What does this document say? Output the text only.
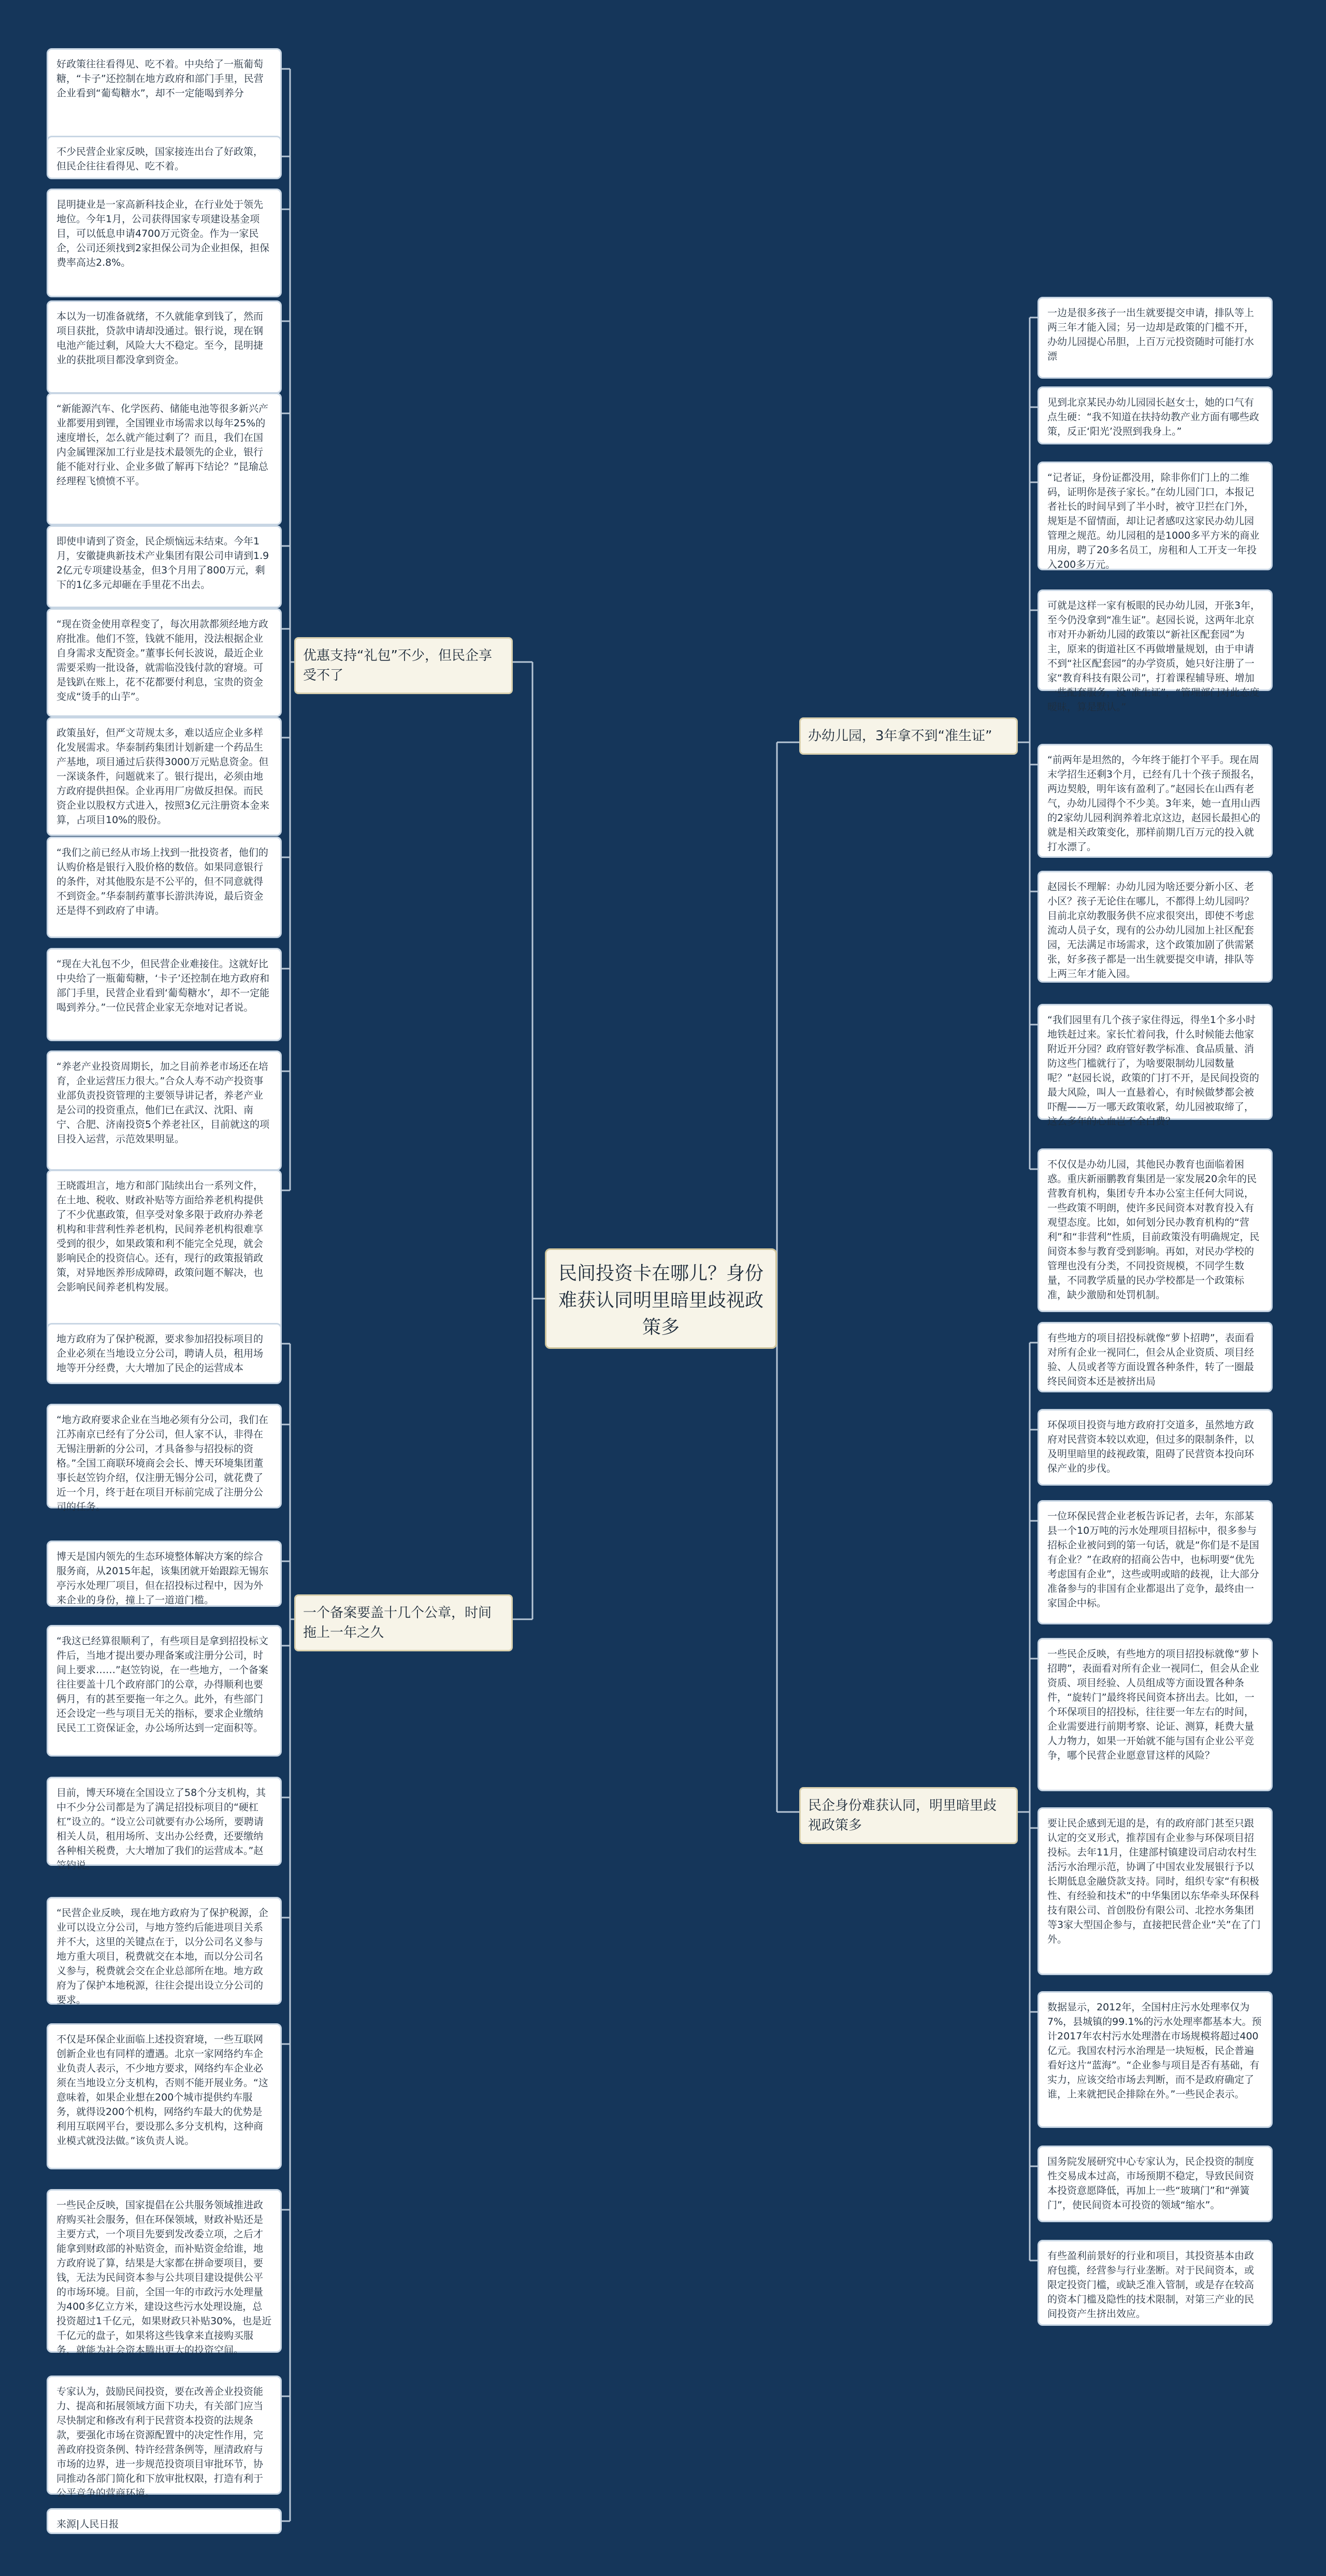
民间投资卡在哪儿？身份难获认同明里暗里歧视政策多
优惠支持“礼包”不少，但民企享受不了
好政策往往看得见、吃不着。中央给了一瓶葡萄糖，“卡子”还控制在地方政府和部门手里，民营企业看到“葡萄糖水”，却不一定能喝到养分
不少民营企业家反映，国家接连出台了好政策，但民企往往看得见、吃不着。
昆明捷业是一家高新科技企业，在行业处于领先地位。今年1月，公司获得国家专项建设基金项目，可以低息申请4700万元资金。作为一家民企，公司还须找到2家担保公司为企业担保，担保费率高达2.8%。
本以为一切准备就绪，不久就能拿到钱了，然而项目获批，贷款申请却没通过。银行说，现在钢电池产能过剩，风险大大不稳定。至今，昆明捷业的获批项目都没拿到资金。
“新能源汽车、化学医药、储能电池等很多新兴产业都要用到锂，全国锂业市场需求以每年25%的速度增长，怎么就产能过剩了？而且，我们在国内金属锂深加工行业是技术最领先的企业，银行能不能对行业、企业多做了解再下结论？”昆瑜总经理程飞愤愤不平。
即使申请到了资金，民企烦恼远未结束。今年1月，安徽捷典新技术产业集团有限公司申请到1.92亿元专项建设基金，但3个月用了800万元，剩下的1亿多元却砸在手里花不出去。
“现在资金使用章程变了，每次用款都须经地方政府批准。他们不签，钱就不能用，没法根据企业自身需求支配资金。”董事长何长波说，最近企业需要采购一批设备，就需临没钱付款的窘境。可是钱趴在账上，花不花都要付利息，宝贵的资金变成“烫手的山芋”。
政策虽好，但严文苛规太多，难以适应企业多样化发展需求。华泰制药集团计划新建一个药品生产基地，项目通过后获得3000万元贴息资金。但一深谈条件，问题就来了。银行提出，必须由地方政府提供担保。企业再用厂房做反担保。而民资企业以股权方式进入，按照3亿元注册资本金来算，占项目10%的股份。
“我们之前已经从市场上找到一批投资者，他们的认购价格是银行入股价格的数倍。如果同意银行的条件，对其他股东是不公平的，但不同意就得不到资金。”华泰制药董事长游洪涛说，最后资金还是得不到政府了申请。
“现在大礼包不少，但民营企业难接住。这就好比中央给了一瓶葡萄糖，‘卡子’还控制在地方政府和部门手里，民营企业看到‘葡萄糖水’，却不一定能喝到养分。”一位民营企业家无奈地对记者说。
“养老产业投资周期长，加之目前养老市场还在培育，企业运营压力很大。”合众人寿不动产投资事业部负责投资管理的主要领导讲记者，养老产业是公司的投资重点，他们已在武汉、沈阳、南宁、合肥、济南投资5个养老社区，目前就这的项目投入运营，示范效果明显。
王晓霞坦言，地方和部门陆续出台一系列文件，在土地、税收、财政补贴等方面给养老机构提供了不少优惠政策，但享受对象多限于政府办养老机构和非营利性养老机构，民间养老机构很难享受到的很少，如果政策和利不能完全兑现，就会影响民企的投资信心。还有，现行的政策报销政策，对异地医养形成障碍，政策问题不解决，也会影响民间养老机构发展。
一个备案要盖十几个公章，时间拖上一年之久
地方政府为了保护税源，要求参加招投标项目的企业必须在当地设立分公司，聘请人员，租用场地等开分经费，大大增加了民企的运营成本
“地方政府要求企业在当地必须有分公司，我们在江苏南京已经有了分公司，但人家不认，非得在无锡注册新的分公司，才具备参与招投标的资格。”全国工商联环境商会会长、博天环境集团董事长赵笠钧介绍，仅注册无锡分公司，就花费了近一个月，终于赶在项目开标前完成了注册分公司的任务。
博天是国内领先的生态环境整体解决方案的综合服务商，从2015年起，该集团就开始跟踪无锡东亭污水处理厂项目，但在招投标过程中，因为外来企业的身份，撞上了一道道门槛。
“我这已经算很顺利了，有些项目是拿到招投标文件后，当地才提出要办理备案或注册分公司，时间上要求……”赵笠钧说，在一些地方，一个备案往往要盖十几个政府部门的公章，办得顺利也要俩月，有的甚至要拖一年之久。此外，有些部门还会设定一些与项目无关的指标，要求企业缴纳民民工工资保证金，办公场所达到一定面积等。
目前，博天环境在全国设立了58个分支机构，其中不少分公司都是为了满足招投标项目的“硬杠杠”设立的。“设立公司就要有办公场所，要聘请相关人员，租用场所、支出办公经费，还要缴纳各种相关税费，大大增加了我们的运营成本。”赵笠钧说。
“民营企业反映，现在地方政府为了保护税源，企业可以设立分公司，与地方签约后能进项目关系并不大，这里的关键点在于，以分公司名义参与地方重大项目，税费就交在本地，而以分公司名义参与，税费就会交在企业总部所在地。地方政府为了保护本地税源，往往会提出设立分公司的要求。
不仅是环保企业面临上述投资窘境，一些互联网创新企业也有同样的遭遇。北京一家网络约车企业负责人表示，不少地方要求，网络约车企业必须在当地设立分支机构，否则不能开展业务。“这意味着，如果企业想在200个城市提供约车服务，就得设200个机构，网络约车最大的优势是利用互联网平台，要设那么多分支机构，这种商业模式就没法做。”该负责人说。
一些民企反映，国家提倡在公共服务领域推进政府购买社会服务，但在环保领域，财政补贴还是主要方式，一个项目先要到发改委立项，之后才能拿到财政部的补贴资金，而补贴资金给谁，地方政府说了算，结果是大家都在拼命要项目，要钱，无法为民间资本参与公共项目建设提供公平的市场环境。目前，全国一年的市政污水处理量为400多亿立方米，建设这些污水处理设施，总投资超过1千亿元，如果财政只补贴30%，也是近千亿元的盘子，如果将这些钱拿来直接购买服务，就能为社会资本腾出更大的投资空间。
专家认为，鼓励民间投资，要在改善企业投资能力、提高和拓展领域方面下功夫，有关部门应当尽快制定和修改有利于民营资本投资的法规条款，要强化市场在资源配置中的决定性作用，完善政府投资条例、特许经营条例等，厘清政府与市场的边界，进一步规范投资项目审批环节，协同推动各部门简化和下放审批权限，打造有利于公平竞争的营商环境。
来源|人民日报
办幼儿园，3年拿不到“准生证”
一边是很多孩子一出生就要提交申请，排队等上两三年才能入园；另一边却是政策的门槛不开，办幼儿园提心吊胆，上百万元投资随时可能打水漂
见到北京某民办幼儿园园长赵女士，她的口气有点生硬：“我不知道在扶持幼教产业方面有哪些政策，反正‘阳光’没照到我身上。”
“记者证，身份证都没用，除非你们门上的二维码，证明你是孩子家长。”在幼儿园门口，本报记者社长的时间早到了半小时，被守卫拦在门外，规矩是不留情面，却让记者感叹这家民办幼儿园管理之规范。幼儿园租的是1000多平方米的商业用房，聘了20多名员工，房租和人工开支一年投入200多万元。
可就是这样一家有板眼的民办幼儿园，开张3年，至今仍没拿到“准生证”。赵园长说，这两年北京市对开办新幼儿园的政策以“新社区配套园”为主，原来的街道社区不再做增量规划，由于申请不到“社区配套园”的办学资质，她只好注册了一家“教育科技有限公司”，打着课程辅导班、增加一些配套服务，没“准生证”，“管理部门对此态度暧昧，算是默认。”
“前两年是坦然的，今年终于能打个平手。现在周末学招生还剩3个月，已经有几十个孩子预报名，两边契般，明年该有盈利了。”赵园长在山西有老气，办幼儿园得个不少美。3年来，她一直用山西的2家幼儿园利润养着北京这边，赵园长最担心的就是相关政策变化，那样前期几百万元的投入就打水漂了。
赵园长不理解：办幼儿园为啥还要分新小区、老小区？孩子无论住在哪儿，不都得上幼儿园吗？目前北京幼教服务供不应求很突出，即使不考虑流动人员子女，现有的公办幼儿园加上社区配套园，无法满足市场需求，这个政策加剧了供需紧张，好多孩子都是一出生就要提交申请，排队等上两三年才能入园。
“我们园里有几个孩子家住得远，得坐1个多小时地铁赶过来。家长忙着问我，什么时候能去他家附近开分园？政府管好教学标准、食品质量、消防这些门槛就行了，为啥要限制幼儿园数量呢？”赵园长说，政策的门打不开，是民间投资的最大风险，叫人一直悬着心，有时候做梦都会被吓醒——万一哪天政策收紧，幼儿园被取缔了，这么多年的心血岂不全白费？
不仅仅是办幼儿园，其他民办教育也面临着困惑。重庆新丽鹏教育集团是一家发展20余年的民营教育机构，集团专升本办公室主任何大同说，一些政策不明朗，使许多民间资本对教育投入有观望态度。比如，如何划分民办教育机构的“营利”和“非营利”性质，目前政策没有明确规定，民间资本参与教育受到影响。再如，对民办学校的管理也没有分类，不同投资规模，不同学生数量，不同教学质量的民办学校都是一个政策标准，缺少激励和处罚机制。
民企身份难获认同，明里暗里歧视政策多
有些地方的项目招投标就像“萝卜招聘”，表面看对所有企业一视同仁，但会从企业资质、项目经验、人员或者等方面设置各种条件，转了一圈最终民间资本还是被挤出局
环保项目投资与地方政府打交道多，虽然地方政府对民营资本较以欢迎，但过多的限制条件，以及明里暗里的歧视政策，阻碍了民营资本投向环保产业的步伐。
一位环保民营企业老板告诉记者，去年，东部某县一个10万吨的污水处理项目招标中，很多参与招标企业被问到的第一句话，就是“你们是不是国有企业？”在政府的招商公告中，也标明要“优先考虑国有企业”，这些或明或暗的歧视，让大部分准备参与的非国有企业都退出了竞争，最终由一家国企中标。
一些民企反映，有些地方的项目招投标就像“萝卜招聘”，表面看对所有企业一视同仁，但会从企业资质、项目经验、人员组成等方面设置各种条件，“旋转门”最终将民间资本挤出去。比如，一个环保项目的招投标，往往要一年左右的时间，企业需要进行前期考察、论证、测算，耗费大量人力物力，如果一开始就不能与国有企业公平竞争，哪个民营企业愿意冒这样的风险？
要让民企感到无退的是，有的政府部门甚至只跟认定的交叉形式，推荐国有企业参与环保项目招投标。去年11月，住建部村镇建设司启动农村生活污水治理示范，协调了中国农业发展银行予以长期低息金融贷款支持。同时，组织专家“有积极性、有经验和技术”的中华集团以东华牵头环保科技有限公司、首创股份有限公司、北控水务集团等3家大型国企参与，直接把民营企业“关”在了门外。
数据显示，2012年，全国村庄污水处理率仅为7%，县城镇的99.1%的污水处理率都基本大。预计2017年农村污水处理潜在市场规模将超过400亿元。我国农村污水治理是一块短板，民企普遍看好这片“蓝海”。“企业参与项目是否有基础，有实力，应该交给市场去判断，而不是政府确定了谁，上来就把民企排除在外。”一些民企表示。
国务院发展研究中心专家认为，民企投资的制度性交易成本过高，市场预期不稳定，导致民间资本投资意愿降低，再加上一些“玻璃门”和“弹簧门”，使民间资本可投资的领域“缩水”。
有些盈利前景好的行业和项目，其投资基本由政府包揽，经营参与行业垄断。对于民间资本，或限定投资门槛，或缺乏准入管制，或是存在较高的资本门槛及隐性的技术限制，对第三产业的民间投资产生挤出效应。
